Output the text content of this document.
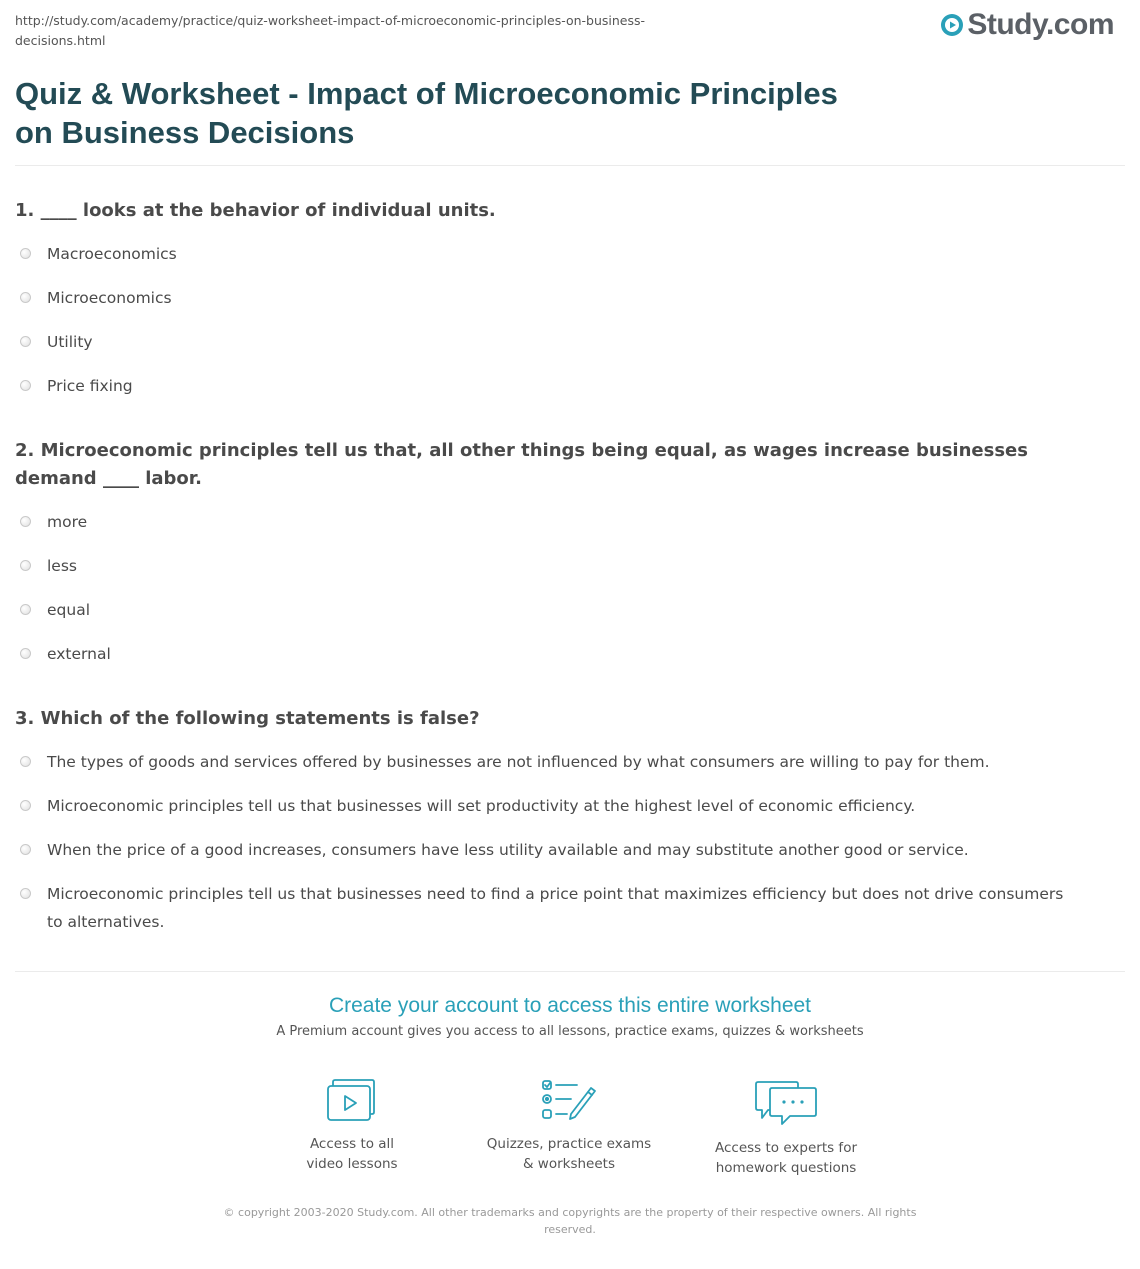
http://study.com/academy/practice/quiz-worksheet-impact-of-microeconomic-principles-on-business-decisions.html	Study.com
Quiz & Worksheet - Impact of Microeconomic Principles on Business Decisions
1. ____ looks at the behavior of individual units.
Macroeconomics
Microeconomics
Utility
Price fixing
2. Microeconomic principles tell us that, all other things being equal, as wages increase businesses demand ____ labor.
more
less
equal
external
3. Which of the following statements is false?
The types of goods and services offered by businesses are not influenced by what consumers are willing to pay for them.
Microeconomic principles tell us that businesses will set productivity at the highest level of economic efficiency.
When the price of a good increases, consumers have less utility available and may substitute another good or service.
Microeconomic principles tell us that businesses need to find a price point that maximizes efficiency but does not drive consumers to alternatives.
Create your account to access this entire worksheet
A Premium account gives you access to all lessons, practice exams, quizzes & worksheets
Access to all
video lessons
Quizzes, practice exams
& worksheets
Access to experts for
homework questions
© copyright 2003-2020 Study.com. All other trademarks and copyrights are the property of their respective owners. All rights reserved.
